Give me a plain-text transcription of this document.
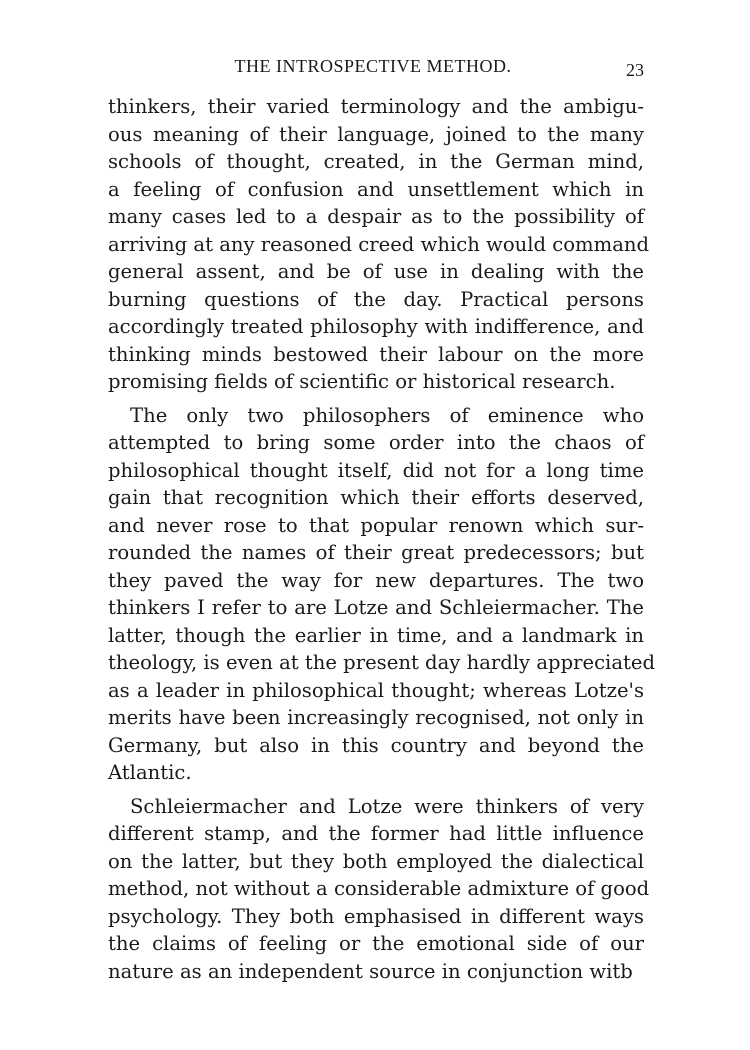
THE INTROSPECTIVE METHOD.	23
thinkers, their varied terminology and the ambigu-
ous meaning of their language, joined to the many
schools of thought, created, in the German mind,
a feeling of confusion and unsettlement which in
many cases led to a despair as to the possibility of
arriving at any reasoned creed which would command
general assent, and be of use in dealing with the
burning questions of the day. Practical persons
accordingly treated philosophy with indifference, and
thinking minds bestowed their labour on the more
promising fields of scientific or historical research.
The only two philosophers of eminence who
attempted to bring some order into the chaos of
philosophical thought itself, did not for a long time
gain that recognition which their efforts deserved,
and never rose to that popular renown which sur-
rounded the names of their great predecessors; but
they paved the way for new departures. The two
thinkers I refer to are Lotze and Schleiermacher. The
latter, though the earlier in time, and a landmark in
theology, is even at the present day hardly appreciated
as a leader in philosophical thought; whereas Lotze's
merits have been increasingly recognised, not only in
Germany, but also in this country and beyond the
Atlantic.
Schleiermacher and Lotze were thinkers of very
different stamp, and the former had little influence
on the latter, but they both employed the dialectical
method, not without a considerable admixture of good
psychology. They both emphasised in different ways
the claims of feeling or the emotional side of our
nature as an independent source in conjunction witb
